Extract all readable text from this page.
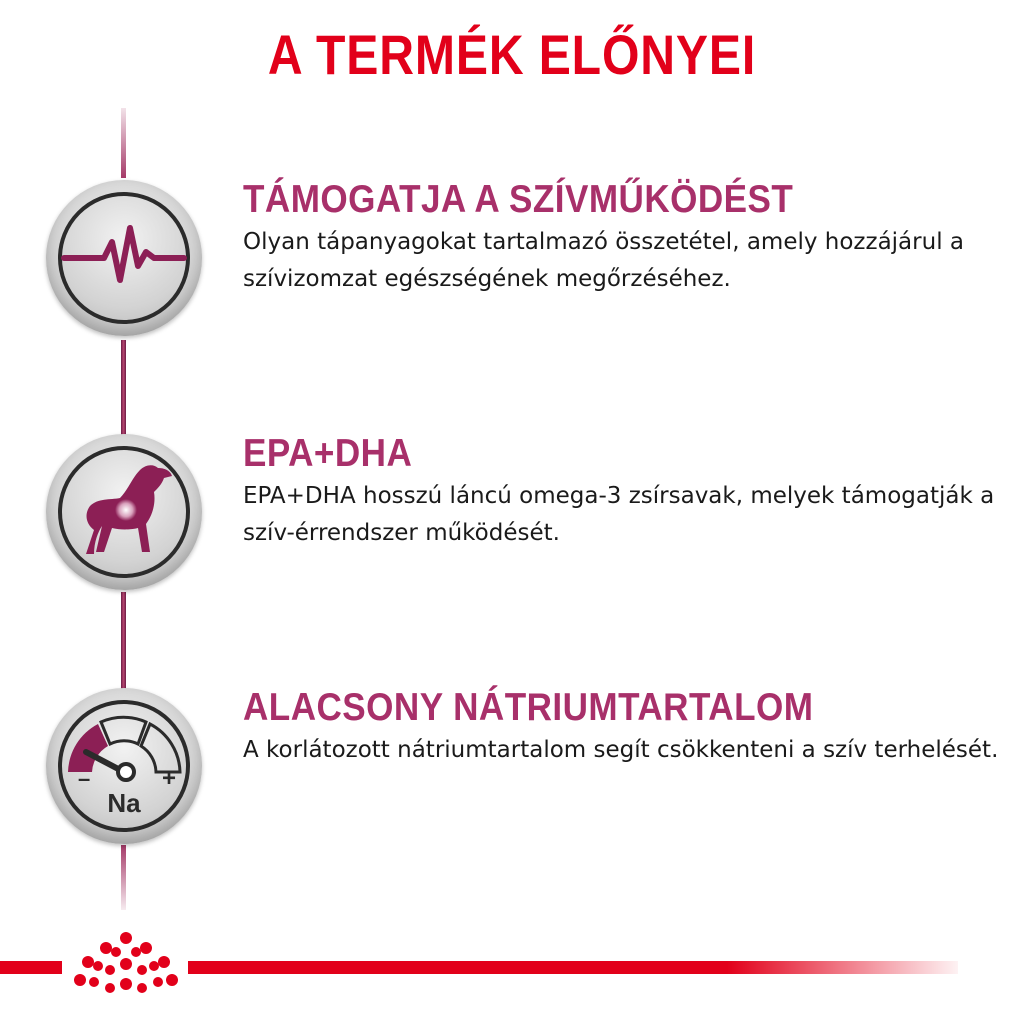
A TERMÉK ELŐNYEI
TÁMOGATJA A SZÍVMŰKÖDÉST

Olyan tápanyagokat tartalmazó összetétel, amely hozzájárul a szívizomzat egészségének megőrzéséhez.

EPA+DHA

EPA+DHA hosszú láncú omega-3 zsírsavak, melyek támogatják a szív-érrendszer működését.

–	+
Na
ALACSONY NÁTRIUMTARTALOM

A korlátozott nátriumtartalom segít csökkenteni a szív terhelését.
